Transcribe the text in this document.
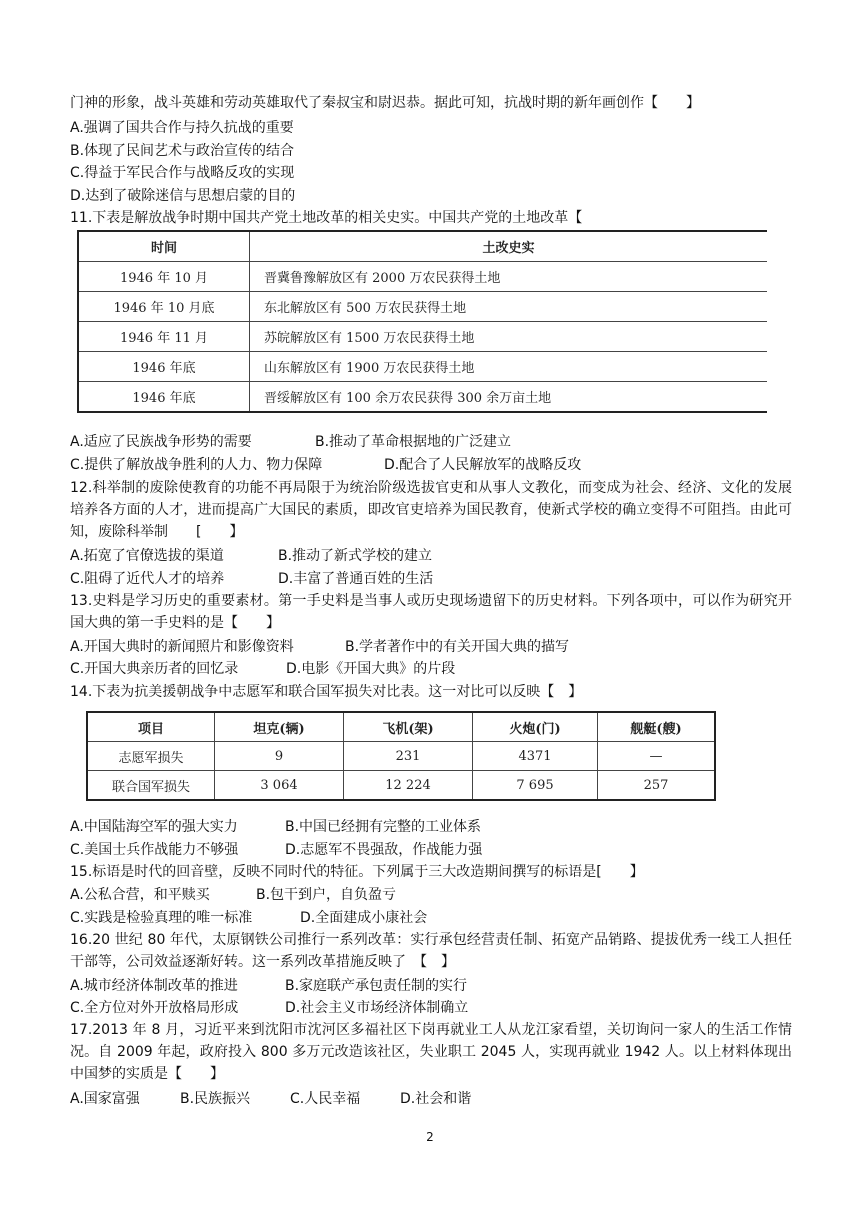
门神的形象，战斗英雄和劳动英雄取代了秦叔宝和尉迟恭。据此可知，抗战时期的新年画创作【　　】
A.强调了国共合作与持久抗战的重要
B.体现了民间艺术与政治宣传的结合
C.得益于军民合作与战略反攻的实现
D.达到了破除迷信与思想启蒙的目的
11.下表是解放战争时期中国共产党土地改革的相关史实。中国共产党的土地改革【
时间	土改史实
1946 年 10 月	晋冀鲁豫解放区有 2000 万农民获得土地
1946 年 10 月底	东北解放区有 500 万农民获得土地
1946 年 11 月	苏皖解放区有 1500 万农民获得土地
1946 年底	山东解放区有 1900 万农民获得土地
1946 年底	晋绥解放区有 100 余万农民获得 300 余万亩土地
A.适应了民族战争形势的需要	B.推动了革命根据地的广泛建立
C.提供了解放战争胜利的人力、物力保障	D.配合了人民解放军的战略反攻
12.科举制的废除使教育的功能不再局限于为统治阶级选拔官吏和从事人文教化，而变成为社会、经济、文化的发展培养各方面的人才，进而提高广大国民的素质，即改官吏培养为国民教育，使新式学校的确立变得不可阻挡。由此可知，废除科举制　　[　　】
A.拓宽了官僚选拔的渠道	B.推动了新式学校的建立
C.阻碍了近代人才的培养	D.丰富了普通百姓的生活
13.史料是学习历史的重要素材。第一手史料是当事人或历史现场遗留下的历史材料。下列各项中，可以作为研究开国大典的第一手史料的是【　　】
A.开国大典时的新闻照片和影像资料	B.学者著作中的有关开国大典的描写
C.开国大典亲历者的回忆录	D.电影《开国大典》的片段
14.下表为抗美援朝战争中志愿军和联合国军损失对比表。这一对比可以反映【　】
项目	坦克(辆)	飞机(架)	火炮(门)	舰艇(艘)
志愿军损失	9	231	4371	—
联合国军损失	3 064	12 224	7 695	257
A.中国陆海空军的强大实力	B.中国已经拥有完整的工业体系
C.美国士兵作战能力不够强	D.志愿军不畏强敌，作战能力强
15.标语是时代的回音壁，反映不同时代的特征。下列属于三大改造期间撰写的标语是[　　】
A.公私合营，和平赎买	B.包干到户，自负盈亏
C.实践是检验真理的唯一标准	D.全面建成小康社会
16.20 世纪 80 年代，太原钢铁公司推行一系列改革：实行承包经营责任制、拓宽产品销路、提拔优秀一线工人担任干部等，公司效益逐渐好转。这一系列改革措施反映了　【　】
A.城市经济体制改革的推进	B.家庭联产承包责任制的实行
C.全方位对外开放格局形成	D.社会主义市场经济体制确立
17.2013 年 8 月，习近平来到沈阳市沈河区多福社区下岗再就业工人从龙江家看望，关切询问一家人的生活工作情况。自 2009 年起，政府投入 800 多万元改造该社区，失业职工 2045 人，实现再就业 1942 人。以上材料体现出中国梦的实质是【　　】
A.国家富强	B.民族振兴	C.人民幸福	D.社会和谐
2
